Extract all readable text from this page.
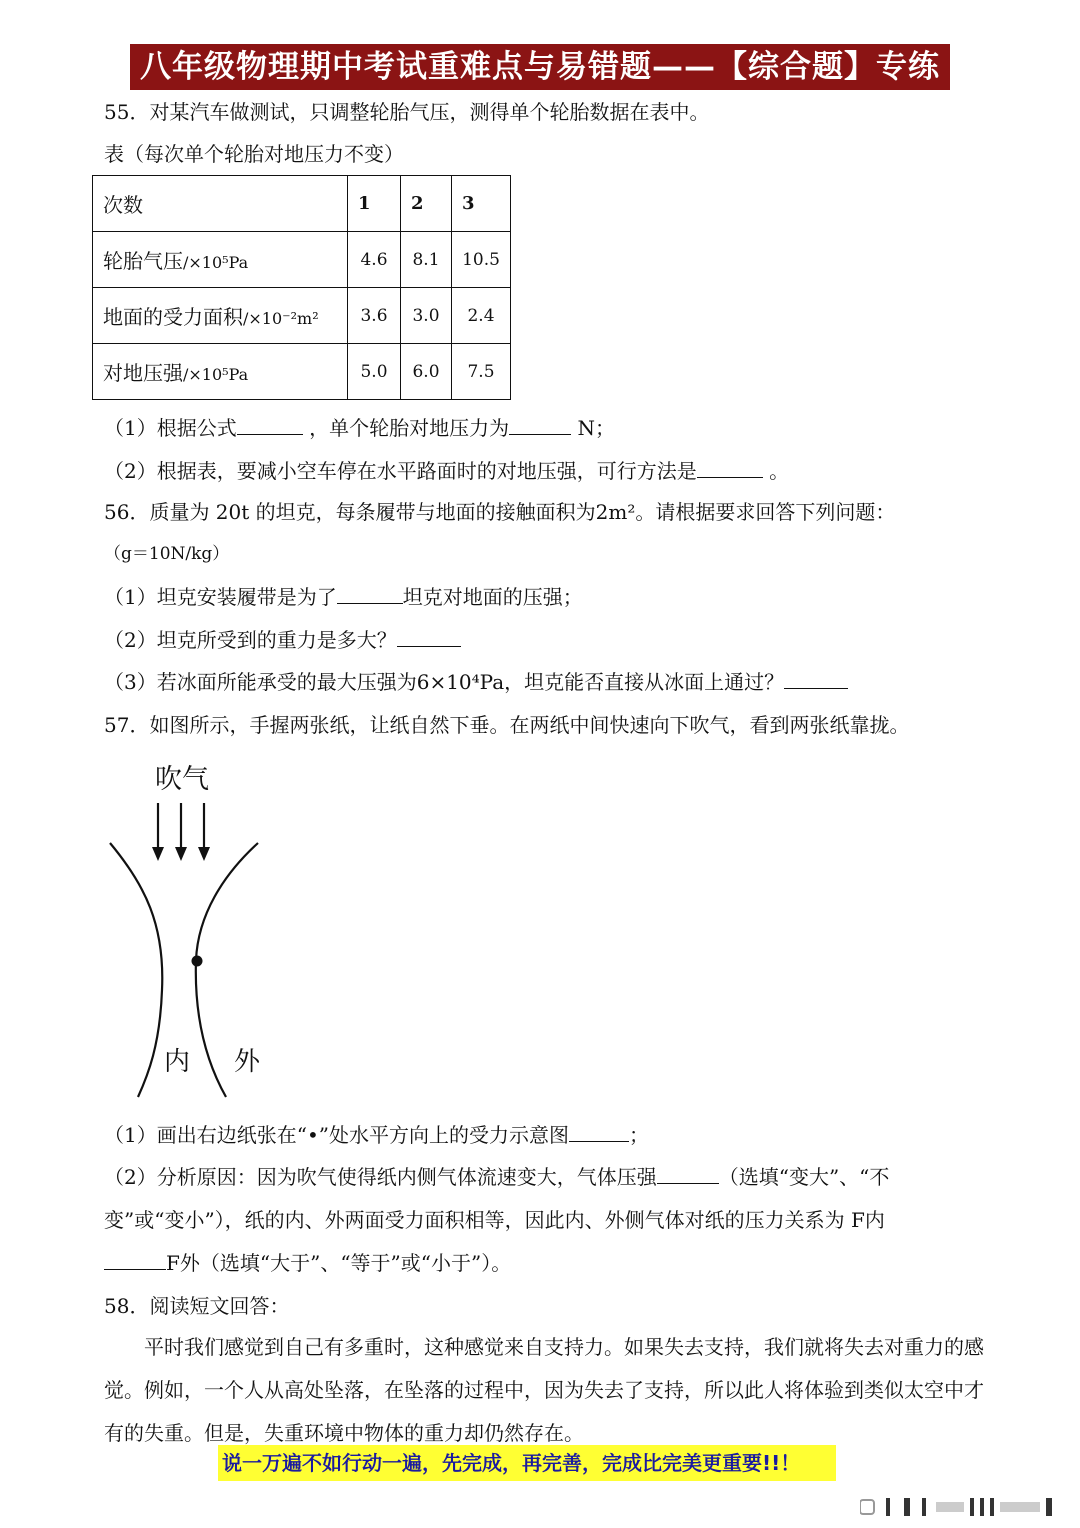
八年级物理期中考试重难点与易错题——【综合题】专练
55．对某汽车做测试，只调整轮胎气压，测得单个轮胎数据在表中。
表（每次单个轮胎对地压力不变）
次数	1	2	3
轮胎气压/×10⁵Pa	4.6	8.1	10.5
地面的受力面积/×10⁻²m²	3.6	3.0	2.4
对地压强/×10⁵Pa	5.0	6.0	7.5
（1）根据公式	，单个轮胎对地压力为	N；
（2）根据表，要减小空车停在水平路面时的对地压强，可行方法是	。
56．质量为 20t 的坦克，每条履带与地面的接触面积为2m²。请根据要求回答下列问题：
（g＝10N/kg）
（1）坦克安装履带是为了	坦克对地面的压强；
（2）坦克所受到的重力是多大？
（3）若冰面所能承受的最大压强为6×10⁴Pa，坦克能否直接从冰面上通过？
57．如图所示，手握两张纸，让纸自然下垂。在两纸中间快速向下吹气，看到两张纸靠拢。
吹气
内 外
（1）画出右边纸张在“•”处水平方向上的受力示意图	；
（2）分析原因：因为吹气使得纸内侧气体流速变大，气体压强	（选填“变大”、“不
变”或“变小”），纸的内、外两面受力面积相等，因此内、外侧气体对纸的压力关系为 F内
F外（选填“大于”、“等于”或“小于”）。
58．阅读短文回答：
平时我们感觉到自己有多重时，这种感觉来自支持力。如果失去支持，我们就将失去对重力的感觉。例如，一个人从高处坠落，在坠落的过程中，因为失去了支持，所以此人将体验到类似太空中才有的失重。但是，失重环境中物体的重力却仍然存在。
说一万遍不如行动一遍，先完成，再完善，完成比完美更重要!!！
